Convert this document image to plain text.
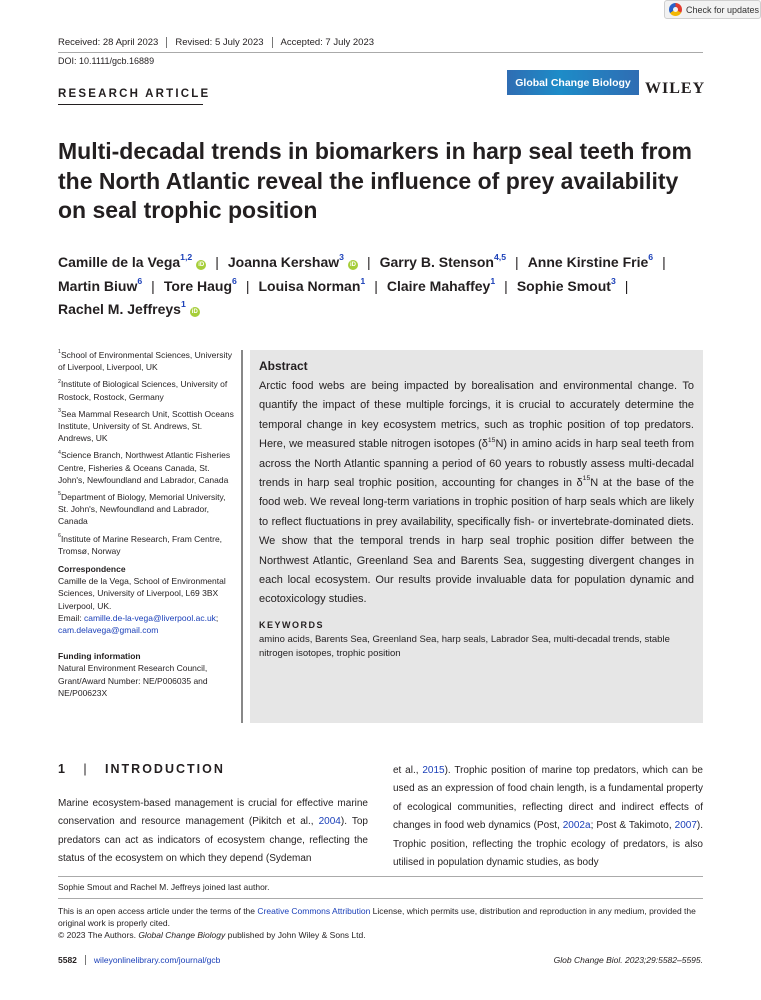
Check for updates
Received: 28 April 2023	Revised: 5 July 2023	Accepted: 7 July 2023
DOI: 10.1111/gcb.16889
RESEARCH ARTICLE
Global Change Biology WILEY
Multi-decadal trends in biomarkers in harp seal teeth from the North Atlantic reveal the influence of prey availability on seal trophic position
Camille de la Vega$^{1,2}$iD | Joanna Kershaw$^3$iD | Garry B. Stenson$^{4,5}$ | Anne Kirstine Frie$^6$ | Martin Biuw$^6$ | Tore Haug$^6$ | Louisa Norman$^1$ | Claire Mahaffey$^1$ | Sophie Smout$^3$ | Rachel M. Jeffreys$^1$iD
$^1$School of Environmental Sciences, University of Liverpool, Liverpool, UK
$^2$Institute of Biological Sciences, University of Rostock, Rostock, Germany
$^3$Sea Mammal Research Unit, Scottish Oceans Institute, University of St. Andrews, St. Andrews, UK
$^4$Science Branch, Northwest Atlantic Fisheries Centre, Fisheries & Oceans Canada, St. John's, Newfoundland and Labrador, Canada
$^5$Department of Biology, Memorial University, St. John's, Newfoundland and Labrador, Canada
$^6$Institute of Marine Research, Fram Centre, Tromsø, Norway
Correspondence
Camille de la Vega, School of Environmental Sciences, University of Liverpool, L69 3BX Liverpool, UK.
Email: camille.de-la-vega@liverpool.ac.uk;
cam.delavega@gmail.com
Funding information
Natural Environment Research Council, Grant/Award Number: NE/P006035 and NE/P00623X
Abstract
Arctic food webs are being impacted by borealisation and environmental change. To quantify the impact of these multiple forcings, it is crucial to accurately determine the temporal change in key ecosystem metrics, such as trophic position of top predators. Here, we measured stable nitrogen isotopes $(\delta^{15}N)$ in amino acids in harp seal teeth from across the North Atlantic spanning a period of 60 years to robustly assess multi-decadal trends in harp seal trophic position, accounting for changes in $\delta^{15}N$ at the base of the food web. We reveal long-term variations in trophic position of harp seals which are likely to reflect fluctuations in prey availability, specifically fish- or invertebrate-dominated diets. We show that the temporal trends in harp seal trophic position differ between the Northwest Atlantic, Greenland Sea and Barents Sea, suggesting divergent changes in each local ecosystem. Our results provide invaluable data for population dynamic and ecotoxicology studies.
KEYWORDS
amino acids, Barents Sea, Greenland Sea, harp seals, Labrador Sea, multi-decadal trends, stable nitrogen isotopes, trophic position
1 | INTRODUCTION
Marine ecosystem-based management is crucial for effective marine conservation and resource management (Pikitch et al., 2004). Top predators can act as indicators of ecosystem change, reflecting the status of the ecosystem on which they depend (Sydeman
et al., 2015). Trophic position of marine top predators, which can be used as an expression of food chain length, is a fundamental property of ecological communities, reflecting direct and indirect effects of changes in food web dynamics (Post, 2002a; Post & Takimoto, 2007). Trophic position, reflecting the trophic ecology of predators, is also utilised in population dynamic studies, as body
Sophie Smout and Rachel M. Jeffreys joined last author.
This is an open access article under the terms of the Creative Commons Attribution License, which permits use, distribution and reproduction in any medium, provided the original work is properly cited.
© 2023 The Authors. Global Change Biology published by John Wiley & Sons Ltd.
5582	wileyonlinelibrary.com/journal/gcb	Glob Change Biol. 2023;29:5582–5595.
